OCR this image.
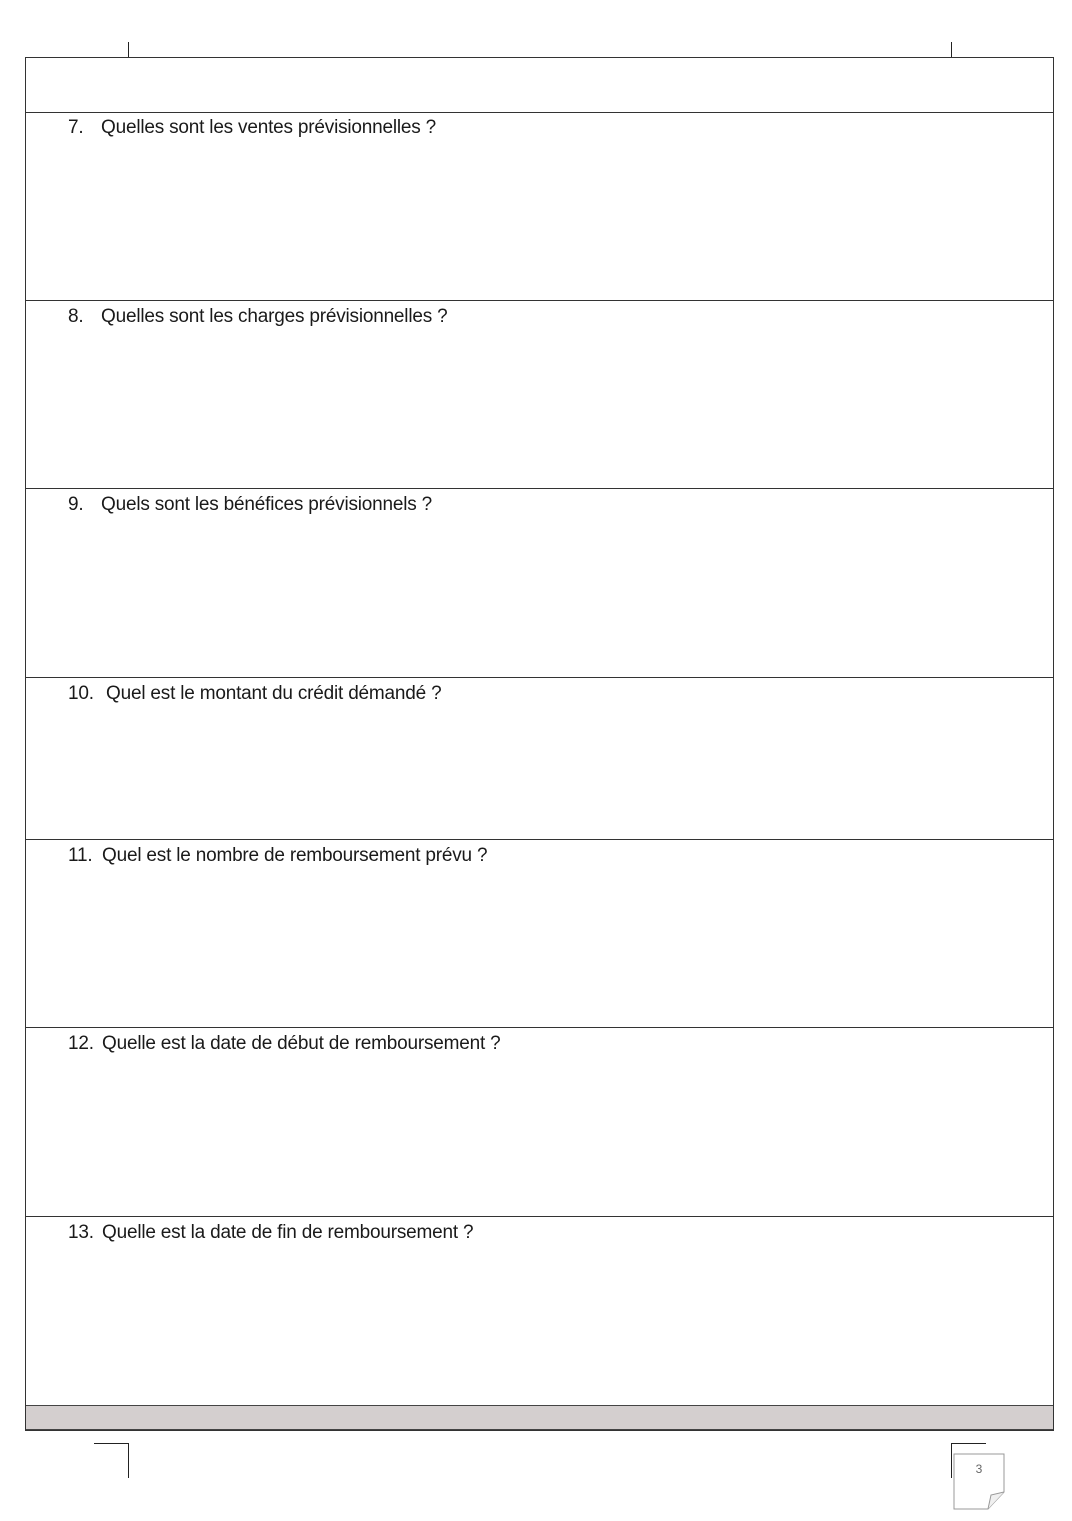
7. Quelles sont les ventes prévisionnelles ?
8. Quelles sont les charges prévisionnelles ?
9. Quels sont les bénéfices prévisionnels ?
10. Quel est le montant du crédit démandé ?
11. Quel est le nombre de remboursement prévu ?
12. Quelle est la date de début de remboursement ?
13. Quelle est la date de fin de remboursement ?
3
